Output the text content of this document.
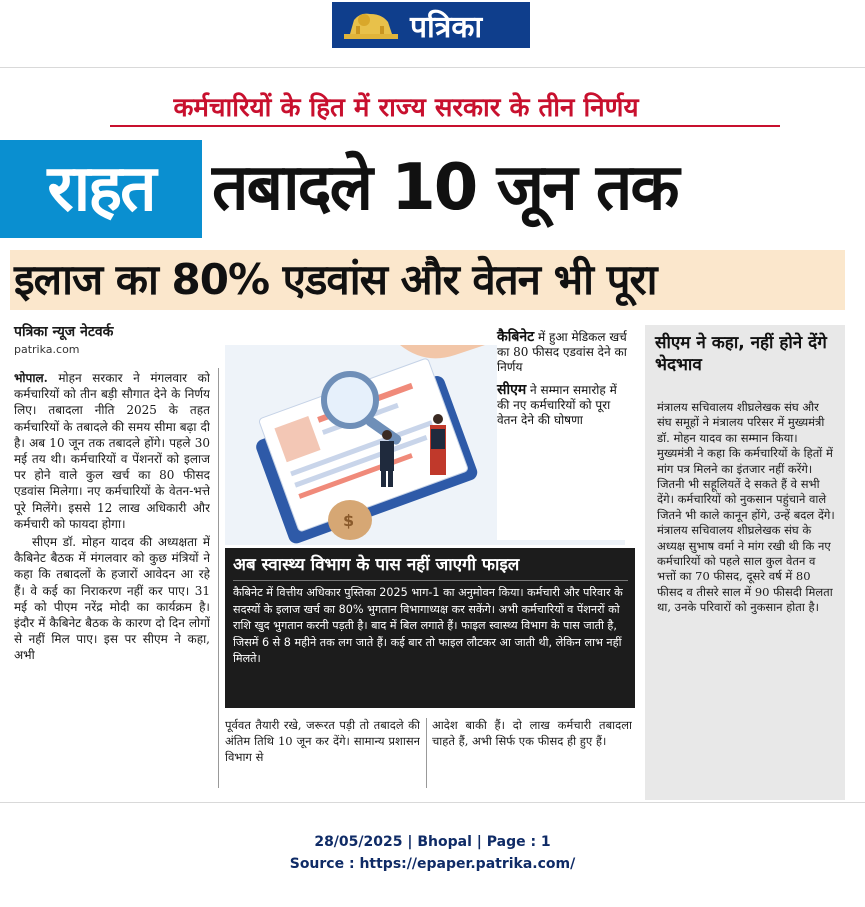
पत्रिका
कर्मचारियों के हित में राज्य सरकार के तीन निर्णय
राहत तबादले 10 जून तक
इलाज का 80% एडवांस और वेतन भी पूरा
पत्रिका न्यूज नेटवर्क
patrika.com

भोपाल. मोहन सरकार ने मंगलवार को कर्मचारियों को तीन बड़ी सौगात देने के निर्णय लिए। तबादला नीति 2025 के तहत कर्मचारियों के तबादले की समय सीमा बढ़ा दी है। अब 10 जून तक तबादले होंगे। पहले 30 मई तय थी। कर्मचारियों व पेंशनरों को इलाज पर होने वाले कुल खर्च का 80 फीसद एडवांस मिलेगा। नए कर्मचारियों के वेतन-भत्ते पूरे मिलेंगे। इससे 12 लाख अधिकारी और कर्मचारी को फायदा होगा।

सीएम डॉ. मोहन यादव की अध्यक्षता में कैबिनेट बैठक में मंगलवार को कुछ मंत्रियों ने कहा कि तबादलों के हजारों आवेदन आ रहे हैं। वे कई का निराकरण नहीं कर पाए। 31 मई को पीएम नरेंद्र मोदी का कार्यक्रम है। इंदौर में कैबिनेट बैठक के कारण दो दिन लोगों से नहीं मिल पाए। इस पर सीएम ने कहा, अभी

$
कैबिनेट में हुआ मेडिकल खर्च का 80 फीसद एडवांस देने का निर्णय
सीएम ने सम्मान समारोह में की नए कर्मचारियों को पूरा वेतन देने की घोषणा
सीएम ने कहा, नहीं होने देंगे भेदभाव

मंत्रालय सचिवालय शीघ्रलेखक संघ और संघ समूहों ने मंत्रालय परिसर में मुख्यमंत्री डॉ. मोहन यादव का सम्मान किया। मुख्यमंत्री ने कहा कि कर्मचारियों के हितों में मांग पत्र मिलने का इंतजार नहीं करेंगे। जितनी भी सहूलियतें दे सकते हैं वे सभी देंगे। कर्मचारियों को नुकसान पहुंचाने वाले जितने भी काले कानून होंगे, उन्हें बदल देंगे।

मंत्रालय सचिवालय शीघ्रलेखक संघ के अध्यक्ष सुभाष वर्मा ने मांग रखी थी कि नए कर्मचारियों को पहले साल कुल वेतन व भत्तों का 70 फीसद, दूसरे वर्ष में 80 फीसद व तीसरे साल में 90 फीसदी मिलता था, उनके परिवारों को नुकसान होता है।

अब स्वास्थ्य विभाग के पास नहीं जाएगी फाइल
कैबिनेट में वित्तीय अधिकार पुस्तिका 2025 भाग-1 का अनुमोवन किया। कर्मचारी और परिवार के सदस्यों के इलाज खर्च का 80% भुगतान विभागाध्यक्ष कर सकेंगे। अभी कर्मचारियों व पेंशनरों को राशि खुद भुगतान करनी पड़ती है। बाद में बिल लगाते हैं। फाइल स्वास्थ्य विभाग के पास जाती है, जिसमें 6 से 8 महीने तक लग जाते हैं। कई बार तो फाइल लौटकर आ जाती थी, लेकिन लाभ नहीं मिलते।
पूर्ववत तैयारी रखे, जरूरत पड़ी तो तबादले की अंतिम तिथि 10 जून कर देंगे। सामान्य प्रशासन विभाग से
आदेश बाकी हैं। दो लाख कर्मचारी तबादला चाहते हैं, अभी सिर्फ एक फीसद ही हुए हैं।
28/05/2025 | Bhopal | Page : 1
Source : https://epaper.patrika.com/
